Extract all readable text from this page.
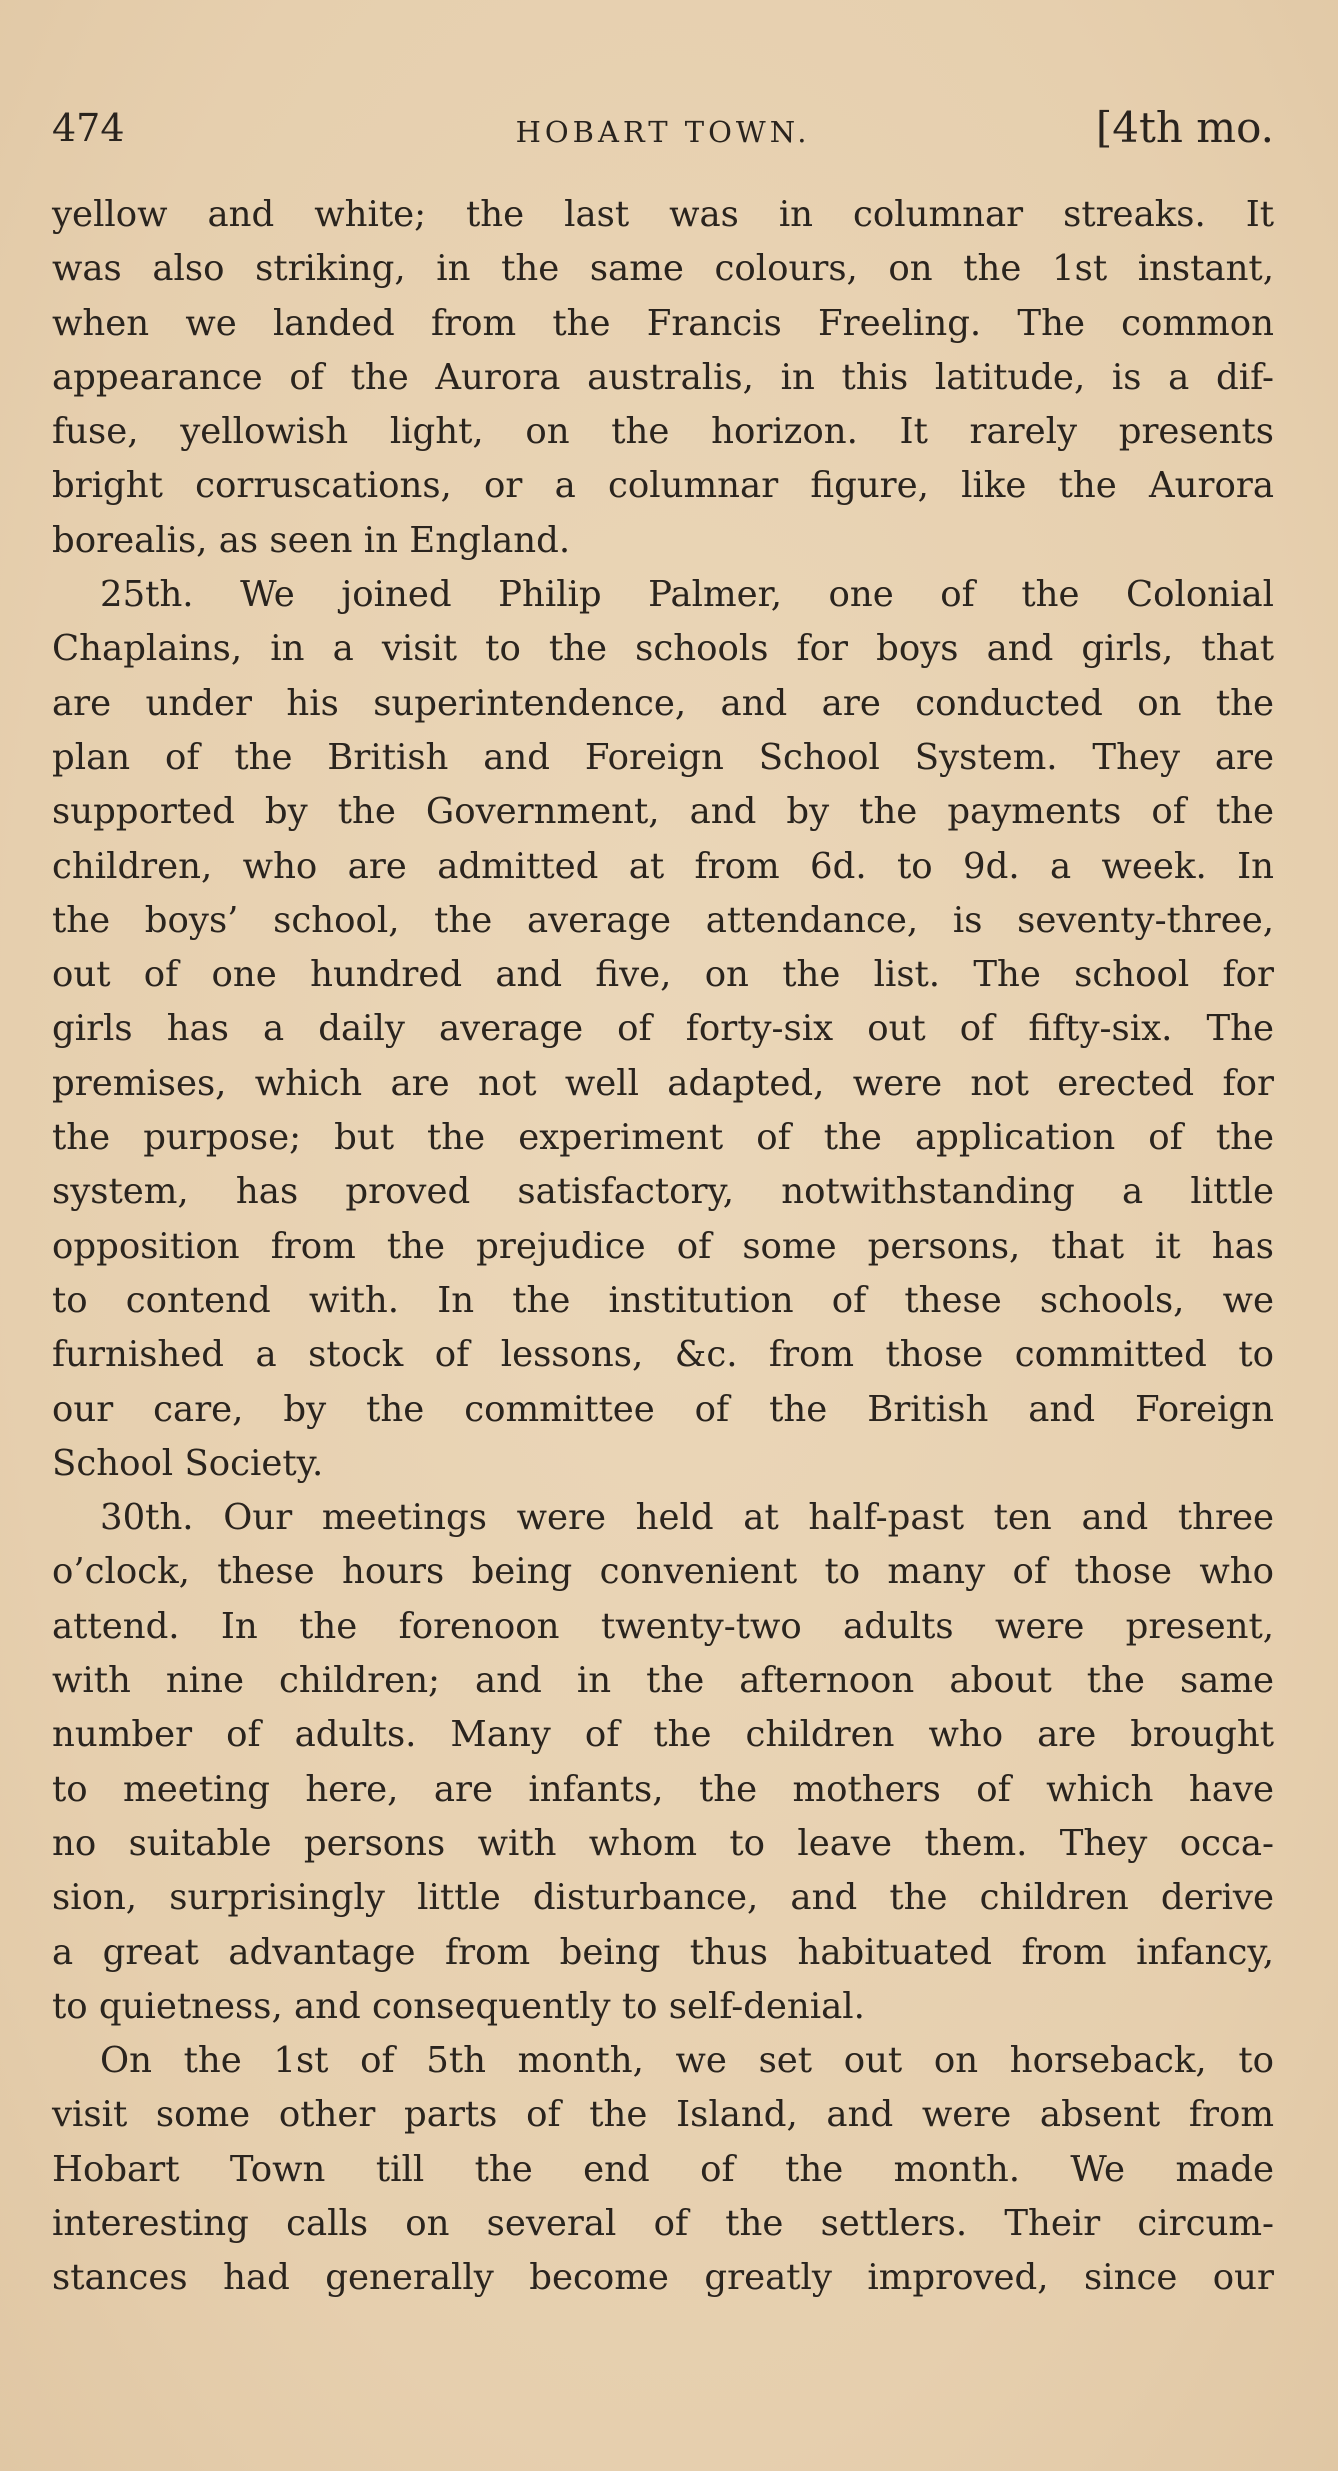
474	HOBART TOWN.	[4th mo.
yellow and white; the last was in columnar streaks. It
was also striking, in the same colours, on the 1st instant,
when we landed from the Francis Freeling. The common
appearance of the Aurora australis, in this latitude, is a dif-
fuse, yellowish light, on the horizon. It rarely presents
bright corruscations, or a columnar figure, like the Aurora
borealis, as seen in England.
25th. We joined Philip Palmer, one of the Colonial
Chaplains, in a visit to the schools for boys and girls, that
are under his superintendence, and are conducted on the
plan of the British and Foreign School System. They are
supported by the Government, and by the payments of the
children, who are admitted at from 6d. to 9d. a week. In
the boys’ school, the average attendance, is seventy-three,
out of one hundred and five, on the list. The school for
girls has a daily average of forty-six out of fifty-six. The
premises, which are not well adapted, were not erected for
the purpose; but the experiment of the application of the
system, has proved satisfactory, notwithstanding a little
opposition from the prejudice of some persons, that it has
to contend with. In the institution of these schools, we
furnished a stock of lessons, &c. from those committed to
our care, by the committee of the British and Foreign
School Society.
30th. Our meetings were held at half-past ten and three
o’clock, these hours being convenient to many of those who
attend. In the forenoon twenty-two adults were present,
with nine children; and in the afternoon about the same
number of adults. Many of the children who are brought
to meeting here, are infants, the mothers of which have
no suitable persons with whom to leave them. They occa-
sion, surprisingly little disturbance, and the children derive
a great advantage from being thus habituated from infancy,
to quietness, and consequently to self-denial.
On the 1st of 5th month, we set out on horseback, to
visit some other parts of the Island, and were absent from
Hobart Town till the end of the month. We made
interesting calls on several of the settlers. Their circum-
stances had generally become greatly improved, since our
